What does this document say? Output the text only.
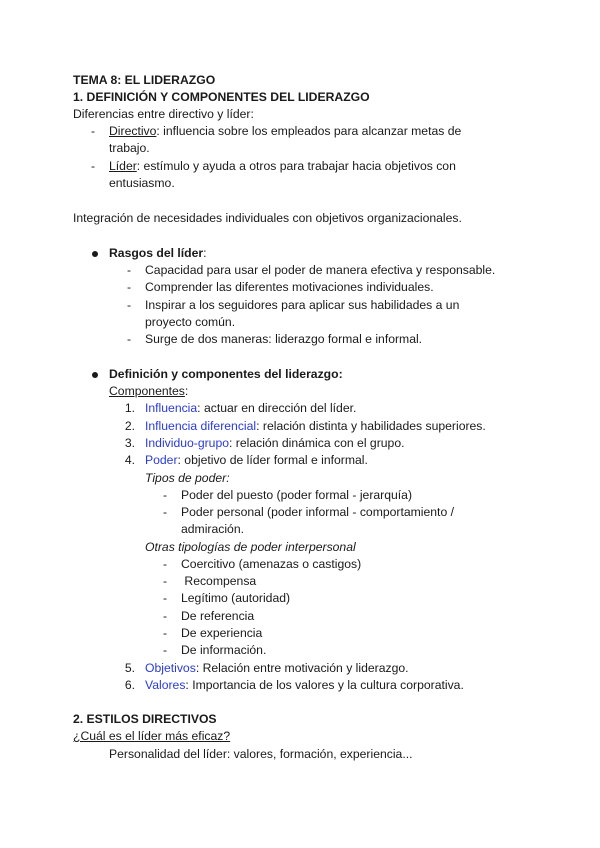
TEMA 8: EL LIDERAZGO
1. DEFINICIÓN Y COMPONENTES DEL LIDERAZGO
Diferencias entre directivo y líder:
- Directivo: influencia sobre los empleados para alcanzar metas de
trabajo.
- Líder: estímulo y ayuda a otros para trabajar hacia objetivos con
entusiasmo.
Integración de necesidades individuales con objetivos organizacionales.
Rasgos del líder:
- Capacidad para usar el poder de manera efectiva y responsable.
- Comprender las diferentes motivaciones individuales.
- Inspirar a los seguidores para aplicar sus habilidades a un
proyecto común.
- Surge de dos maneras: liderazgo formal e informal.
Definición y componentes del liderazgo:
Componentes:
1. Influencia: actuar en dirección del líder.
2. Influencia diferencial: relación distinta y habilidades superiores.
3. Individuo-grupo: relación dinámica con el grupo.
4. Poder: objetivo de líder formal e informal.
Tipos de poder:
- Poder del puesto (poder formal - jerarquía)
- Poder personal (poder informal - comportamiento /
admiración.
Otras tipologías de poder interpersonal
- Coercitivo (amenazas o castigos)
- Recompensa
- Legítimo (autoridad)
- De referencia
- De experiencia
- De información.
5. Objetivos: Relación entre motivación y liderazgo.
6. Valores: Importancia de los valores y la cultura corporativa.
2. ESTILOS DIRECTIVOS
¿Cuál es el líder más eficaz?
Personalidad del líder: valores, formación, experiencia...
